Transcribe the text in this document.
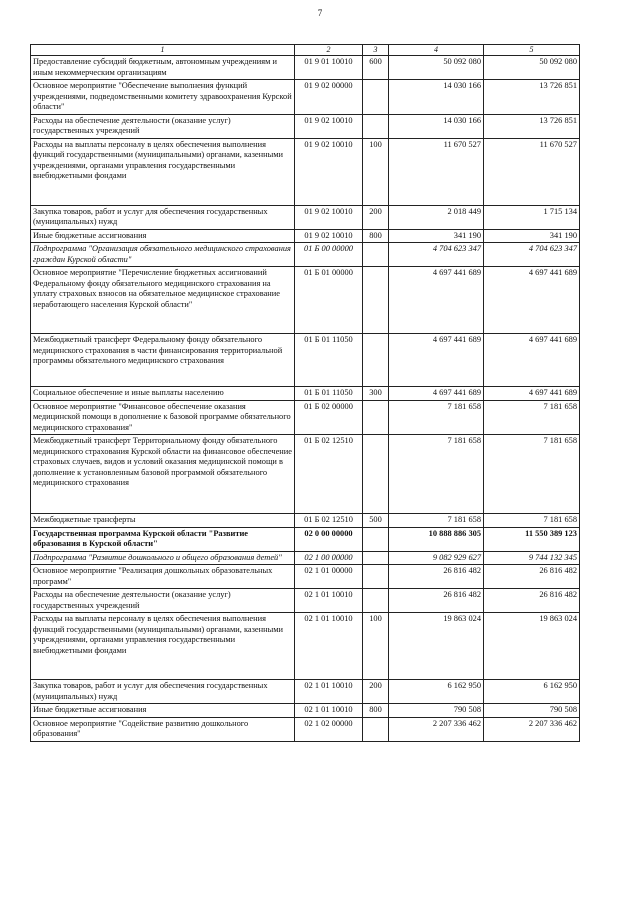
7
1	2	3	4	5
Предоставление субсидий бюджетным, автономным учреждениям и иным некоммерческим организациям	01 9 01 10010	600	50 092 080	50 092 080
Основное мероприятие "Обеспечение выполнения функций учреждениями, подведомственными комитету здравоохранения Курской области"	01 9 02 00000		14 030 166	13 726 851
Расходы на обеспечение деятельности (оказание услуг) государственных учреждений	01 9 02 10010		14 030 166	13 726 851
Расходы на выплаты персоналу в целях обеспечения выполнения функций государственными (муниципальными) органами, казенными учреждениями, органами управления государственными внебюджетными фондами	01 9 02 10010	100	11 670 527	11 670 527
Закупка товаров, работ и услуг для обеспечения государственных (муниципальных) нужд	01 9 02 10010	200	2 018 449	1 715 134
Иные бюджетные ассигнования	01 9 02 10010	800	341 190	341 190
Подпрограмма "Организация обязательного медицинского страхования граждан Курской области"	01 Б 00 00000		4 704 623 347	4 704 623 347
Основное мероприятие "Перечисление бюджетных ассигнований Федеральному фонду обязательного медицинского страхования на уплату страховых взносов на обязательное медицинское страхование неработающего населения Курской области"	01 Б 01 00000		4 697 441 689	4 697 441 689
Межбюджетный трансферт Федеральному фонду обязательного медицинского страхования в части финансирования территориальной программы обязательного медицинского страхования	01 Б 01 11050		4 697 441 689	4 697 441 689
Социальное обеспечение и иные выплаты населению	01 Б 01 11050	300	4 697 441 689	4 697 441 689
Основное мероприятие "Финансовое обеспечение оказания медицинской помощи в дополнение к базовой программе обязательного медицинского страхования"	01 Б 02 00000		7 181 658	7 181 658
Межбюджетный трансферт Территориальному фонду обязательного медицинского страхования Курской области на финансовое обеспечение страховых случаев, видов и условий оказания медицинской помощи в дополнение к установленным базовой программой обязательного медицинского страхования	01 Б 02 12510		7 181 658	7 181 658
Межбюджетные трансферты	01 Б 02 12510	500	7 181 658	7 181 658
Государственная программа Курской области "Развитие образования в Курской области"	02 0 00 00000		10 888 886 305	11 550 389 123
Подпрограмма "Развитие дошкольного и общего образования детей"	02 1 00 00000		9 082 929 627	9 744 132 345
Основное мероприятие "Реализация дошкольных образовательных программ"	02 1 01 00000		26 816 482	26 816 482
Расходы на обеспечение деятельности (оказание услуг) государственных учреждений	02 1 01 10010		26 816 482	26 816 482
Расходы на выплаты персоналу в целях обеспечения выполнения функций государственными (муниципальными) органами, казенными учреждениями, органами управления государственными внебюджетными фондами	02 1 01 10010	100	19 863 024	19 863 024
Закупка товаров, работ и услуг для обеспечения государственных (муниципальных) нужд	02 1 01 10010	200	6 162 950	6 162 950
Иные бюджетные ассигнования	02 1 01 10010	800	790 508	790 508
Основное мероприятие "Содействие развитию дошкольного образования"	02 1 02 00000		2 207 336 462	2 207 336 462
